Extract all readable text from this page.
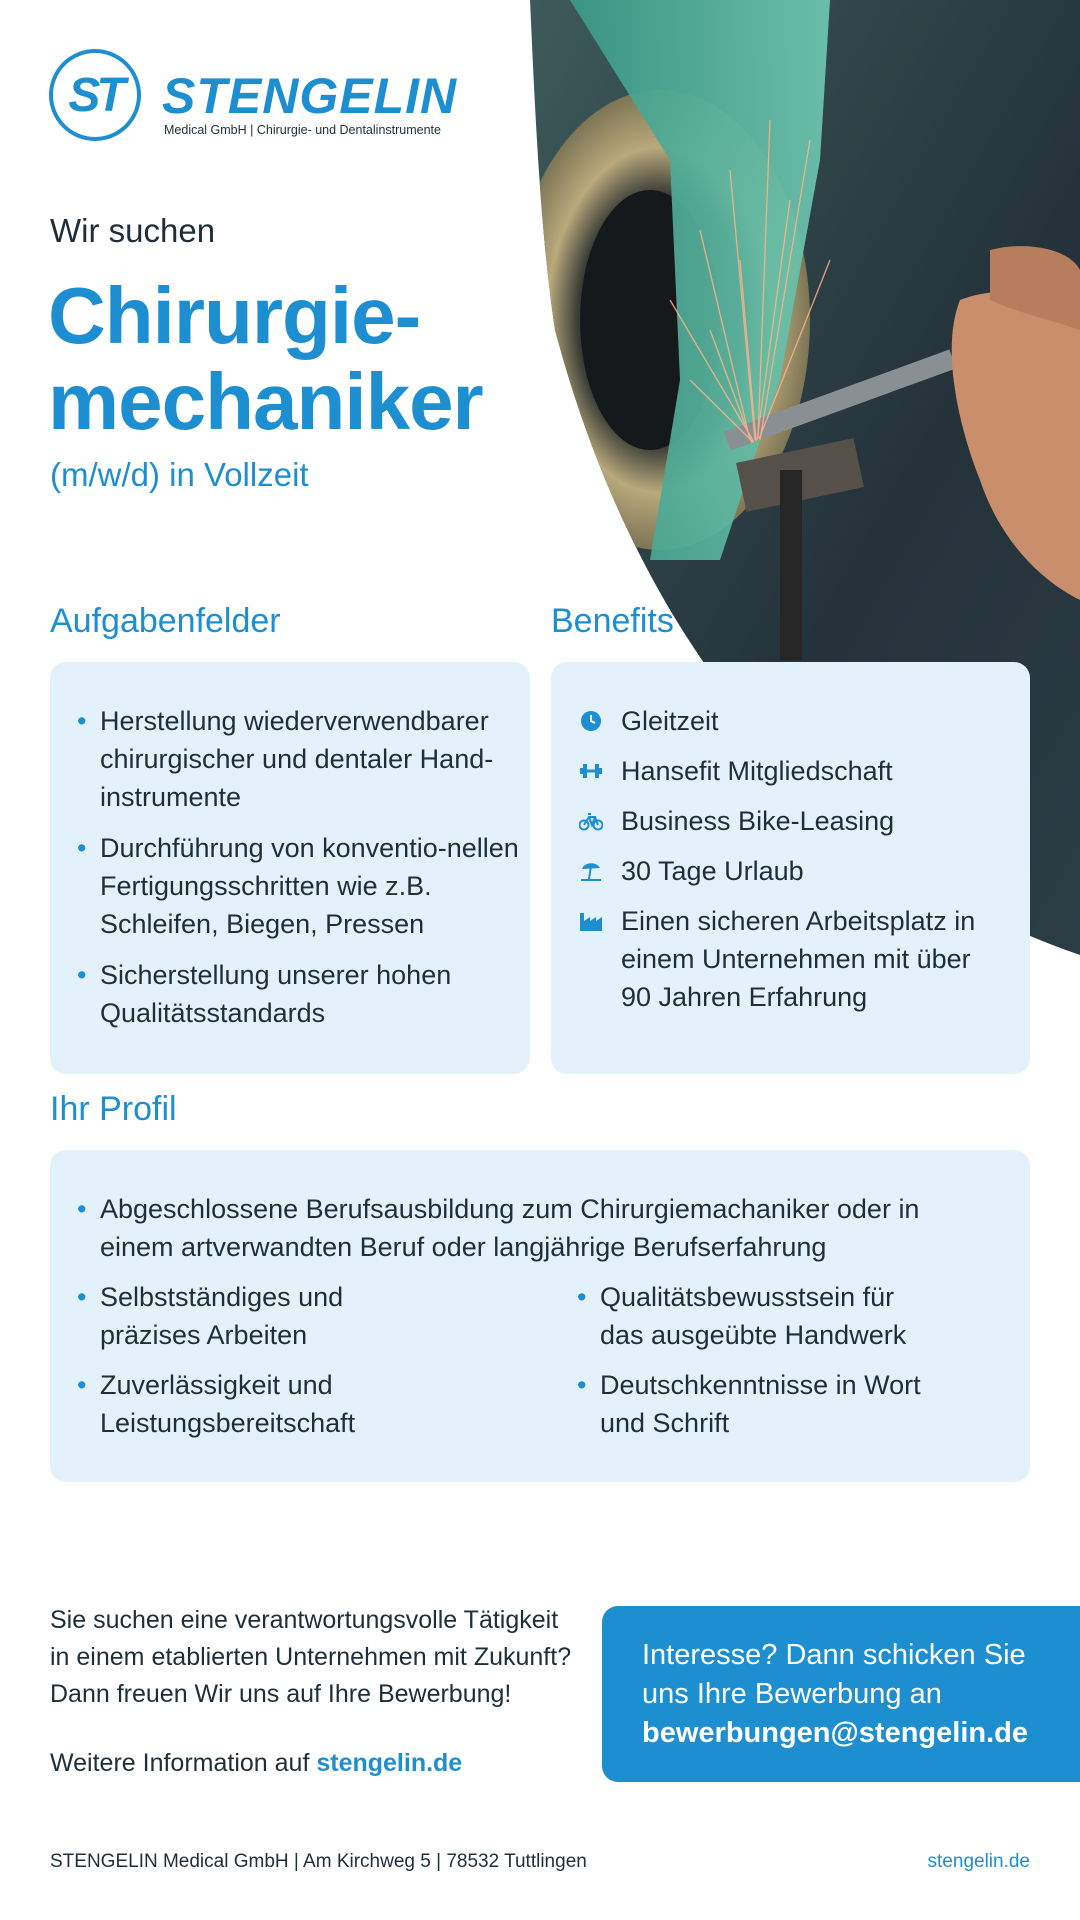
ST STENGELIN
Medical GmbH | Chirurgie- und Dentalinstrumente
Wir suchen
Chirurgie-
mechaniker
(m/w/d) in Vollzeit
Aufgabenfelder
• Herstellung wiederverwendbarer chirurgischer und dentaler Hand-instrumente
• Durchführung von konventio-nellen Fertigungsschritten wie z.B. Schleifen, Biegen, Pressen
• Sicherstellung unserer hohen Qualitätsstandards
Benefits
Gleitzeit
Hansefit Mitgliedschaft
Business Bike-Leasing
30 Tage Urlaub
Einen sicheren Arbeitsplatz in einem Unternehmen mit über 90 Jahren Erfahrung
Ihr Profil
• Abgeschlossene Berufsausbildung zum Chirurgiemachaniker oder in einem artverwandten Beruf oder langjährige Berufserfahrung
• Selbstständiges und präzises Arbeiten
• Zuverlässigkeit und Leistungsbereitschaft
• Qualitätsbewusstsein für das ausgeübte Handwerk
• Deutschkenntnisse in Wort und Schrift
Sie suchen eine verantwortungsvolle Tätigkeit
in einem etablierten Unternehmen mit Zukunft?
Dann freuen Wir uns auf Ihre Bewerbung!
Weitere Information auf stengelin.de
Interesse? Dann schicken Sie
uns Ihre Bewerbung an
bewerbungen@stengelin.de
STENGELIN Medical GmbH | Am Kirchweg 5 | 78532 Tuttlingen	stengelin.de
